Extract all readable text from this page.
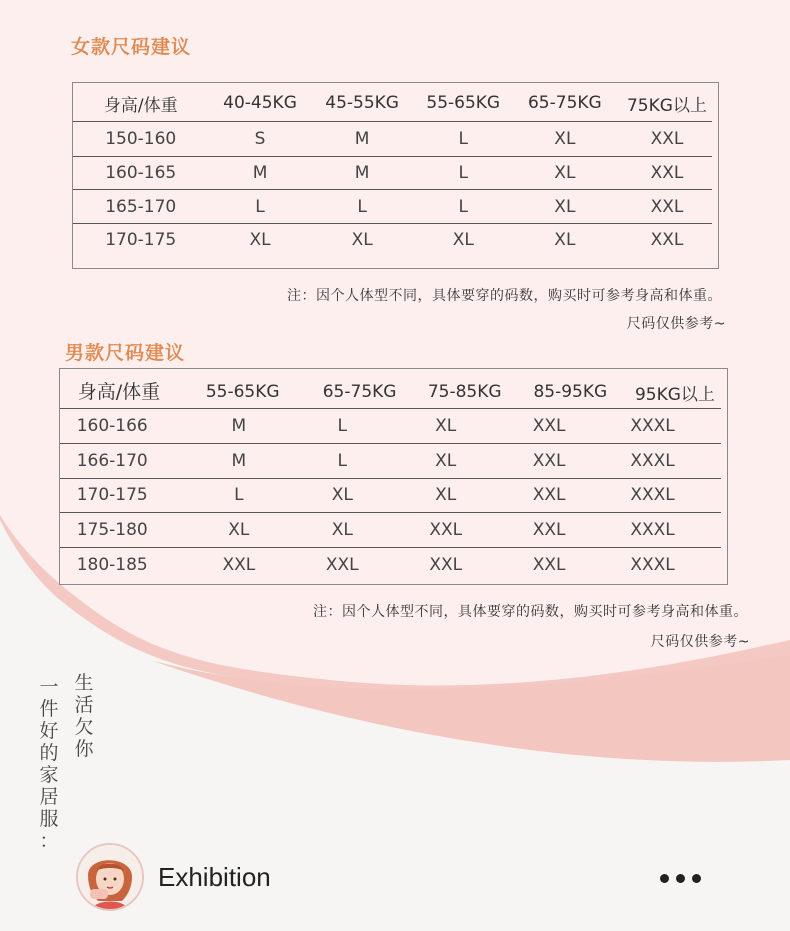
女款尺码建议
身高/体重	40-45KG	45-55KG	55-65KG	65-75KG	75KG以上
150-160	S	M	L	XL	XXL
160-165	M	M	L	XL	XXL
165-170	L	L	L	XL	XXL
170-175	XL	XL	XL	XL	XXL
注：因个人体型不同，具体要穿的码数，购买时可参考身高和体重。
尺码仅供参考~
男款尺码建议
身高/体重	55-65KG	65-75KG	75-85KG	85-95KG	95KG以上
160-166	M	L	XL	XXL	XXXL
166-170	M	L	XL	XXL	XXXL
170-175	L	XL	XL	XXL	XXXL
175-180	XL	XL	XXL	XXL	XXXL
180-185	XXL	XXL	XXL	XXL	XXXL
注：因个人体型不同，具体要穿的码数，购买时可参考身高和体重。
尺码仅供参考~
一
件
好
的
家
居
服
：
生
活
欠
你
Exhibition
